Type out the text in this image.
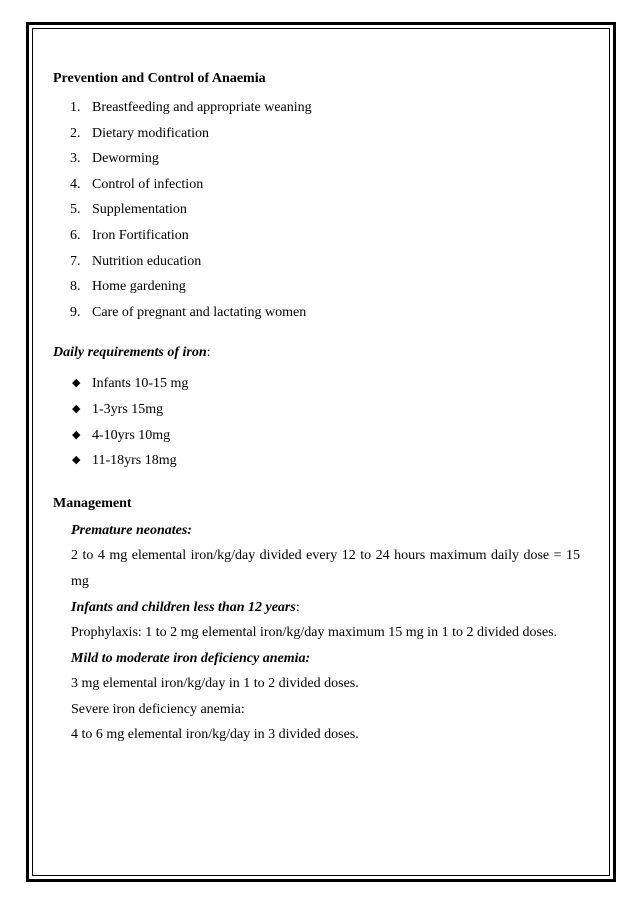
Prevention and Control of Anaemia

1. Breastfeeding and appropriate weaning
2. Dietary modification
3. Deworming
4. Control of infection
5. Supplementation
6. Iron Fortification
7. Nutrition education
8. Home gardening
9. Care of pregnant and lactating women

Daily requirements of iron:

◆ Infants 10-15 mg
◆ 1-3yrs 15mg
◆ 4-10yrs 10mg
◆ 11-18yrs 18mg

Management

Premature neonates:

2 to 4 mg elemental iron/kg/day divided every 12 to 24 hours maximum daily dose = 15 mg

Infants and children less than 12 years:

Prophylaxis: 1 to 2 mg elemental iron/kg/day maximum 15 mg in 1 to 2 divided doses.

Mild to moderate iron deficiency anemia:

3 mg elemental iron/kg/day in 1 to 2 divided doses.

Severe iron deficiency anemia:

4 to 6 mg elemental iron/kg/day in 3 divided doses.
